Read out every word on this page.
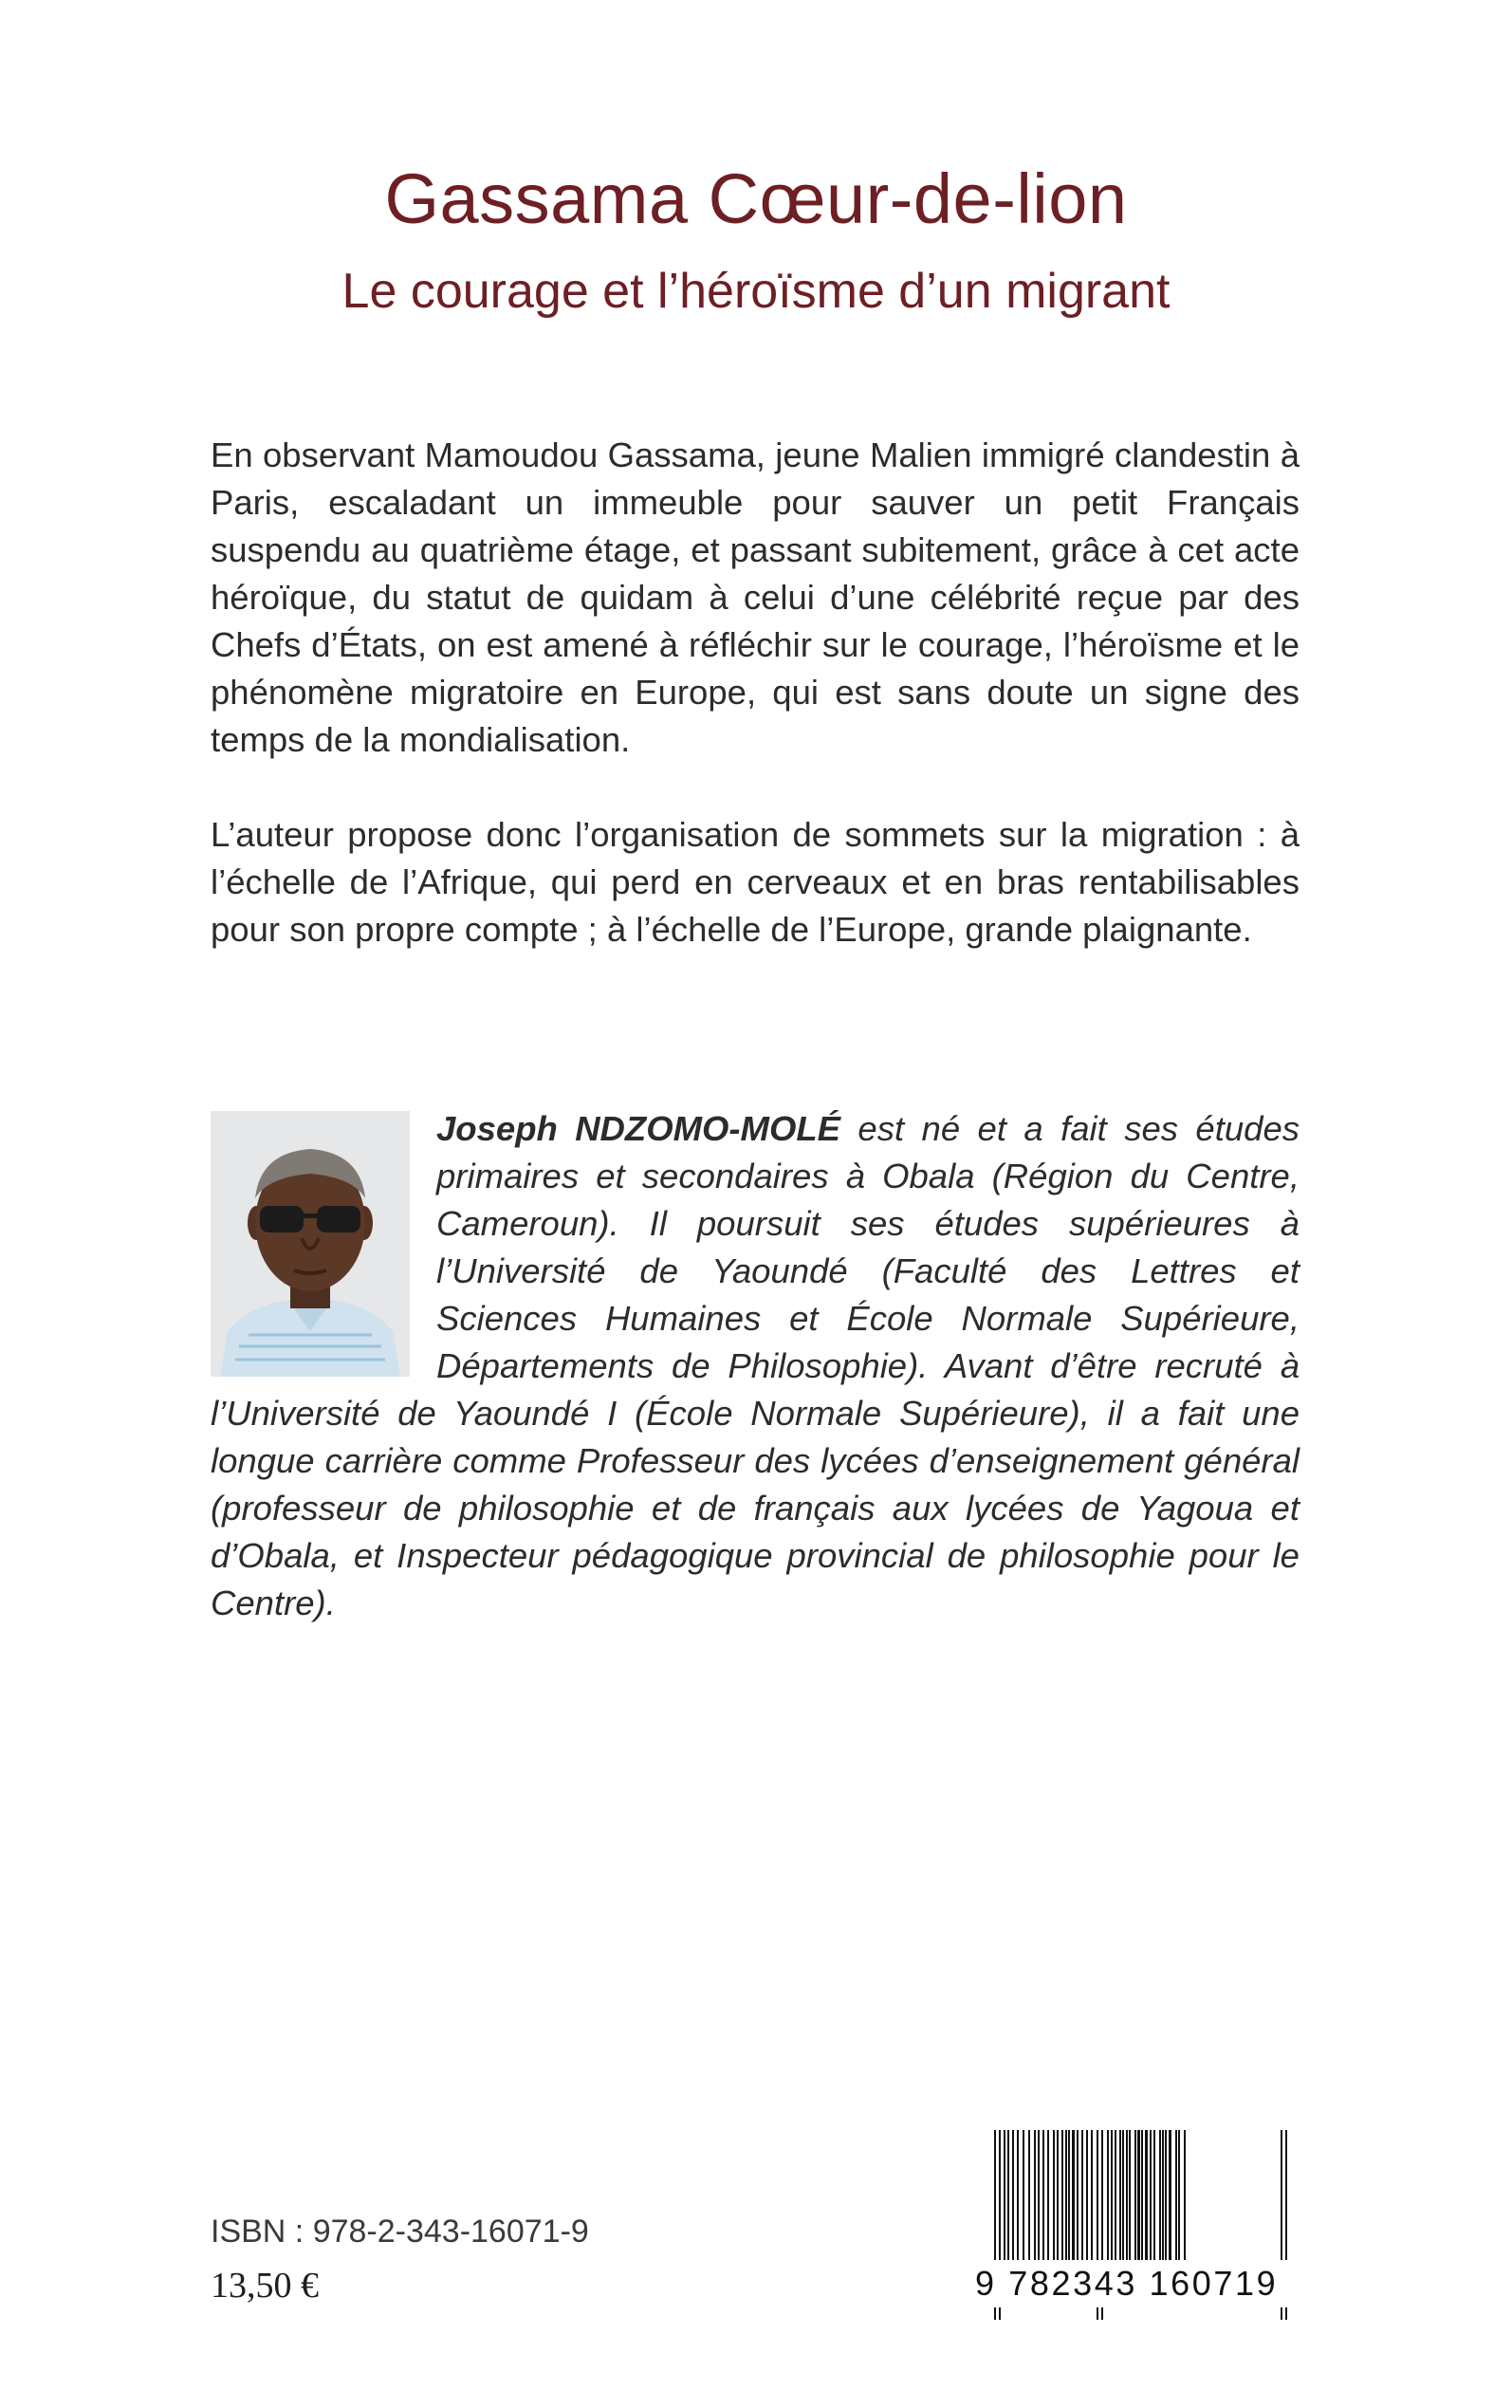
Gassama Cœur-de-lion
Le courage et l’héroïsme d’un migrant

En observant Mamoudou Gassama, jeune Malien immigré clandestin à Paris, escaladant un immeuble pour sauver un petit Français suspendu au quatrième étage, et passant subitement, grâce à cet acte héroïque, du statut de quidam à celui d’une célébrité reçue par des Chefs d’États, on est amené à réfléchir sur le courage, l’héroïsme et le phénomène migratoire en Europe, qui est sans doute un signe des temps de la mondialisation.

L’auteur propose donc l’organisation de sommets sur la migration : à l’échelle de l’Afrique, qui perd en cerveaux et en bras rentabilisables pour son propre compte ; à l’échelle de l’Europe, grande plaignante.

Joseph NDZOMO-MOLÉ est né et a fait ses études primaires et secondaires à Obala (Région du Centre, Cameroun). Il poursuit ses études supérieures à l’Université de Yaoundé (Faculté des Lettres et Sciences Humaines et École Normale Supérieure, Départements de Philosophie). Avant d’être recruté à l’Université de Yaoundé I (École Normale Supérieure), il a fait une longue carrière comme Professeur des lycées d’enseignement général (professeur de philosophie et de français aux lycées de Yagoua et d’Obala, et Inspecteur pédagogique provincial de philosophie pour le Centre).
ISBN : 978-2-343-16071-9
13,50 €	9 782343 160719
